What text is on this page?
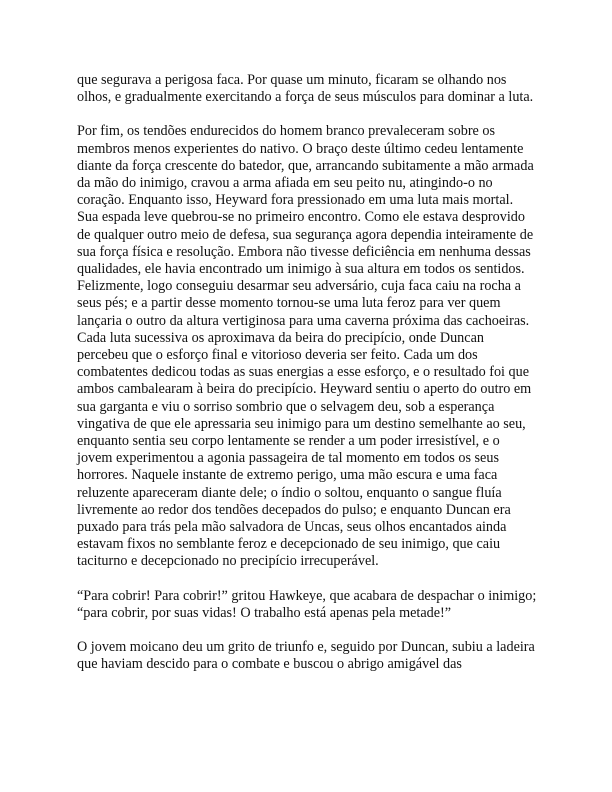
que segurava a perigosa faca. Por quase um minuto, ficaram se olhando nos olhos, e gradualmente exercitando a força de seus músculos para dominar a luta.

Por fim, os tendões endurecidos do homem branco prevaleceram sobre os membros menos experientes do nativo. O braço deste último cedeu lentamente diante da força crescente do batedor, que, arrancando subitamente a mão armada da mão do inimigo, cravou a arma afiada em seu peito nu, atingindo-o no coração. Enquanto isso, Heyward fora pressionado em uma luta mais mortal. Sua espada leve quebrou-se no primeiro encontro. Como ele estava desprovido de qualquer outro meio de defesa, sua segurança agora dependia inteiramente de sua força física e resolução. Embora não tivesse deficiência em nenhuma dessas qualidades, ele havia encontrado um inimigo à sua altura em todos os sentidos. Felizmente, logo conseguiu desarmar seu adversário, cuja faca caiu na rocha a seus pés; e a partir desse momento tornou-se uma luta feroz para ver quem lançaria o outro da altura vertiginosa para uma caverna próxima das cachoeiras. Cada luta sucessiva os aproximava da beira do precipício, onde Duncan percebeu que o esforço final e vitorioso deveria ser feito. Cada um dos combatentes dedicou todas as suas energias a esse esforço, e o resultado foi que ambos cambalearam à beira do precipício. Heyward sentiu o aperto do outro em sua garganta e viu o sorriso sombrio que o selvagem deu, sob a esperança vingativa de que ele apressaria seu inimigo para um destino semelhante ao seu, enquanto sentia seu corpo lentamente se render a um poder irresistível, e o jovem experimentou a agonia passageira de tal momento em todos os seus horrores. Naquele instante de extremo perigo, uma mão escura e uma faca reluzente apareceram diante dele; o índio o soltou, enquanto o sangue fluía livremente ao redor dos tendões decepados do pulso; e enquanto Duncan era puxado para trás pela mão salvadora de Uncas, seus olhos encantados ainda estavam fixos no semblante feroz e decepcionado de seu inimigo, que caiu taciturno e decepcionado no precipício irrecuperável.

“Para cobrir! Para cobrir!” gritou Hawkeye, que acabara de despachar o inimigo; “para cobrir, por suas vidas! O trabalho está apenas pela metade!”

O jovem moicano deu um grito de triunfo e, seguido por Duncan, subiu a ladeira que haviam descido para o combate e buscou o abrigo amigável das
